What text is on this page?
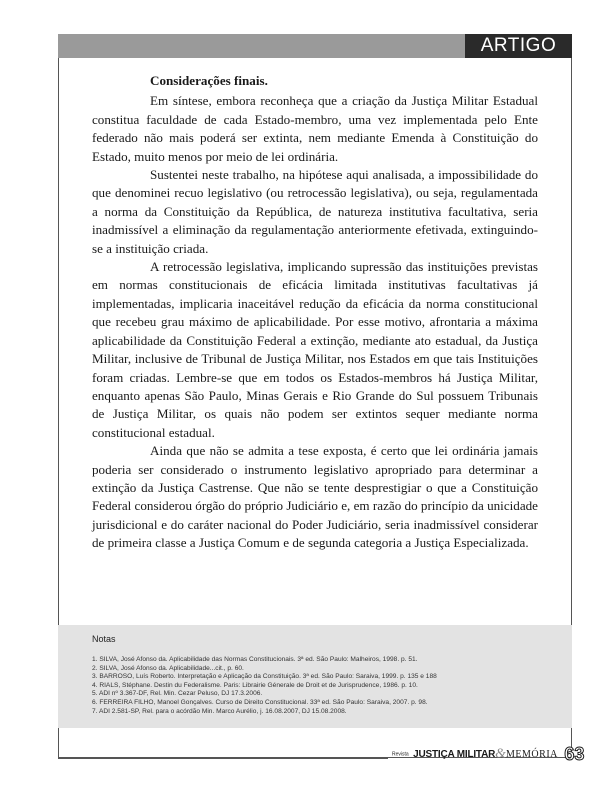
ARTIGO

Considerações finais.

Em síntese, embora reconheça que a criação da Justiça Militar Estadual constitua faculdade de cada Estado-membro, uma vez implementada pelo Ente federado não mais poderá ser extinta, nem mediante Emenda à Constituição do Estado, muito menos por meio de lei ordinária.

Sustentei neste trabalho, na hipótese aqui analisada, a impossibilidade do que denominei recuo legislativo (ou retrocessão legislativa), ou seja, regulamentada a norma da Constituição da República, de natureza institutiva facultativa, seria inadmissível a eliminação da regulamentação anteriormente efetivada, extinguindo-se a instituição criada.

A retrocessão legislativa, implicando supressão das instituições previstas em normas constitucionais de eficácia limitada institutivas facultativas já implementadas, implicaria inaceitável redução da eficácia da norma constitucional que recebeu grau máximo de aplicabilidade. Por esse motivo, afrontaria a máxima aplicabilidade da Constituição Federal a extinção, mediante ato estadual, da Justiça Militar, inclusive de Tribunal de Justiça Militar, nos Estados em que tais Instituições foram criadas. Lembre-se que em todos os Estados-membros há Justiça Militar, enquanto apenas São Paulo, Minas Gerais e Rio Grande do Sul possuem Tribunais de Justiça Militar, os quais não podem ser extintos sequer mediante norma constitucional estadual.

Ainda que não se admita a tese exposta, é certo que lei ordinária jamais poderia ser considerado o instrumento legislativo apropriado para determinar a extinção da Justiça Castrense. Que não se tente desprestigiar o que a Constituição Federal considerou órgão do próprio Judiciário e, em razão do princípio da unicidade jurisdicional e do caráter nacional do Poder Judiciário, seria inadmissível considerar de primeira classe a Justiça Comum e de segunda categoria a Justiça Especializada.

Notas
1. SILVA, José Afonso da. Aplicabilidade das Normas Constitucionais. 3ª ed. São Paulo: Malheiros, 1998. p. 51.
2. SILVA, José Afonso da. Aplicabilidade...cit., p. 60.
3. BARROSO, Luís Roberto. Interpretação e Aplicação da Constituição. 3ª ed. São Paulo: Saraiva, 1999. p. 135 e 188
4. RIALS, Stéphane. Destin du Federalisme. Paris: Librairie Génerale de Droit et de Jurisprudence, 1986. p. 10.
5. ADI nº 3.367-DF, Rel. Min. Cezar Peluso, DJ 17.3.2006.
6. FERREIRA FILHO, Manoel Gonçalves. Curso de Direito Constitucional. 33ª ed. São Paulo: Saraiva, 2007. p. 98.
7. ADI 2.581-SP, Rel. para o acórdão Min. Marco Aurélio, j. 16.08.2007, DJ 15.08.2008.
Revista JUSTIÇA MILITAR&MEMÓRIA 63
